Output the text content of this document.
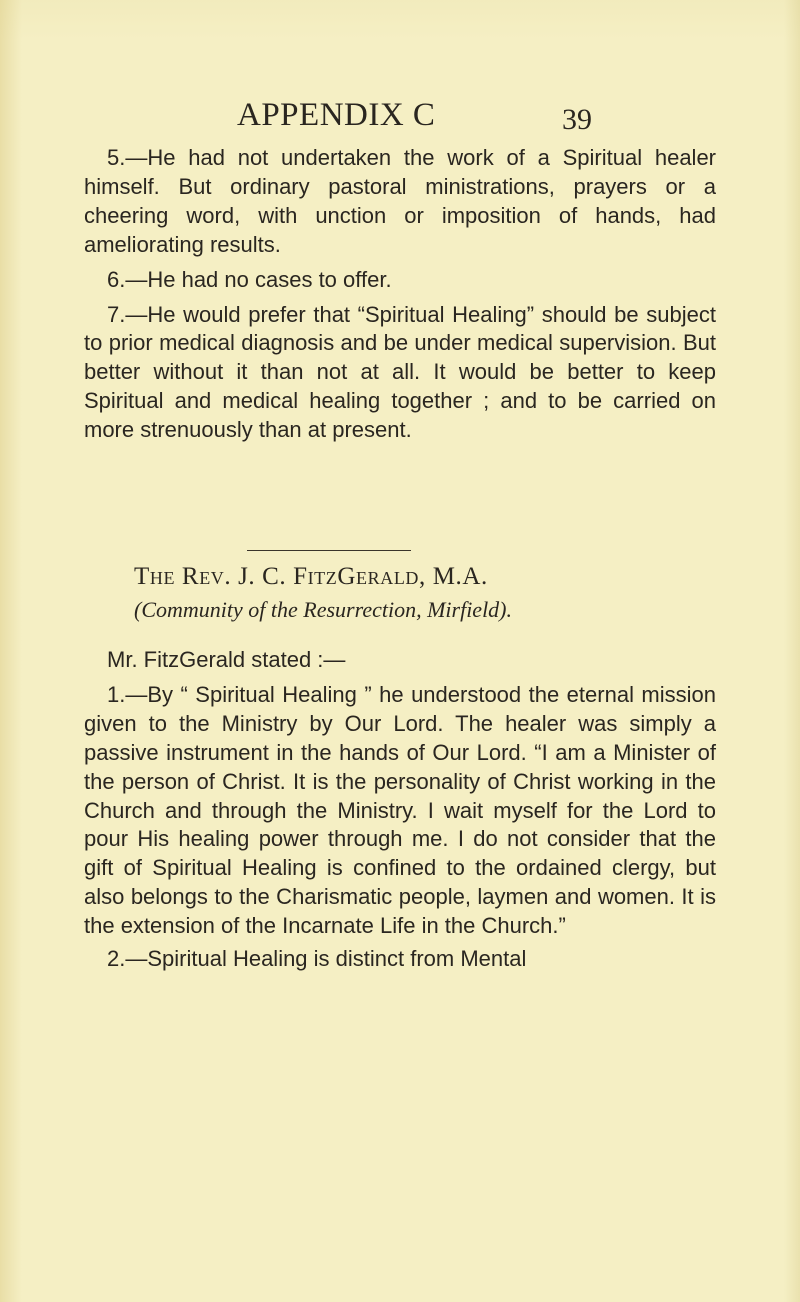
APPENDIX C	39

5.—He had not undertaken the work of a Spiritual healer himself. But ordinary pastoral ministrations, prayers or a cheering word, with unction or imposition of hands, had ameliorating results.

6.—He had no cases to offer.

7.—He would prefer that “Spiritual Healing” should be subject to prior medical diagnosis and be under medical supervision. But better without it than not at all. It would be better to keep Spiritual and medical healing together ; and to be carried on more strenuously than at present.

The Rev. J. C. FitzGerald, M.A.
(Community of the Resurrection, Mirfield).

Mr. FitzGerald stated :—

1.—By “ Spiritual Healing ” he understood the eternal mission given to the Ministry by Our Lord. The healer was simply a passive instrument in the hands of Our Lord. “I am a Minister of the person of Christ. It is the personality of Christ working in the Church and through the Ministry. I wait myself for the Lord to pour His healing power through me. I do not consider that the gift of Spiritual Healing is confined to the ordained clergy, but also belongs to the Charismatic people, laymen and women. It is the extension of the Incarnate Life in the Church.”

2.—Spiritual Healing is distinct from Mental
